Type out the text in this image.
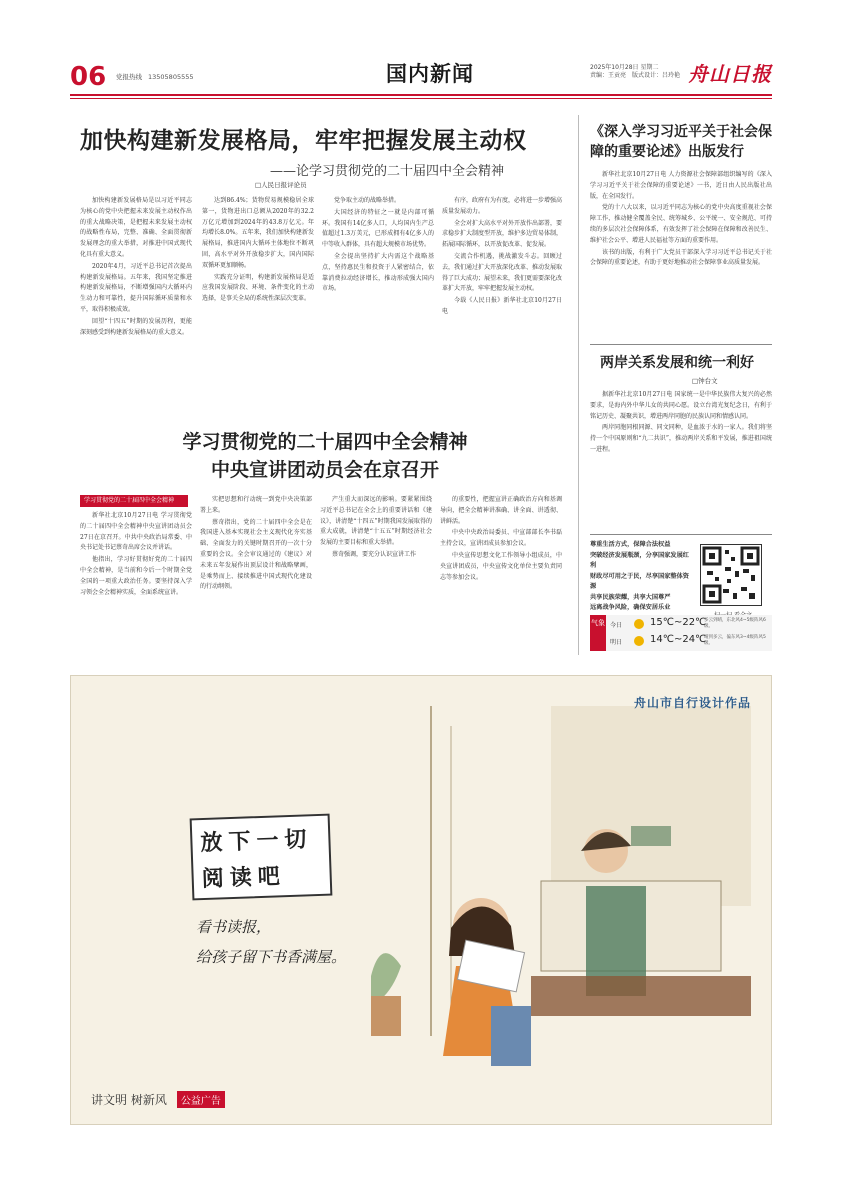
06 党报热线 13505805555	国内新闻	2025年10月28日 星期二
责编：王贡亮 版式设计：吕玲艳 舟山日报
加快构建新发展格局，牢牢把握发展主动权
——论学习贯彻党的二十届四中全会精神
□人民日报评论员

加快构建新发展格局是以习近平同志为核心的党中央把握未来发展主动权作出的重大战略决策，是把握未来发展主动权的战略性布局，完整、准确、全面贯彻新发展理念的重大举措，对推进中国式现代化具有重大意义。

2020年4月，习近平总书记首次提出构建新发展格局。五年来，我国坚定推进构建新发展格局，不断增强国内大循环内生动力和可靠性，提升国际循环质量和水平，取得积极成效。

回望“十四五”时期的发展历程，更能深刻感受到构建新发展格局的重大意义。

达到86.4%；货物贸易规模稳居全球第一，货物进出口总额从2020年的32.2万亿元增加到2024年的43.8万亿元。年均增长8.0%。五年来，我们加快构建新发展格局，推进国内大循环主体地位不断巩固，高水平对外开放稳步扩大，国内国际双循环更加顺畅。

实践充分证明，构建新发展格局是适应我国发展阶段、环境、条件变化的主动选择，是事关全局的系统性深层次变革。

党争取主动的战略举措。

大国经济的特征之一就是内部可循环。我国有14亿多人口，人均国内生产总值超过1.3万美元，已形成拥有4亿多人的中等收入群体，具有超大规模市场优势。

全会提出坚持扩大内需这个战略基点，坚持惠民生和投资于人紧密结合，依靠消费拉动经济增长，推动形成强大国内市场。

有序，政府有为有度，必将进一步增强高质量发展动力。

全会对扩大高水平对外开放作出部署，要求稳步扩大制度型开放，维护多边贸易体制，拓展国际循环，以开放促改革、促发展。

交流合作机遇，挑战激发斗志。回顾过去，我们通过扩大开放深化改革、推动发展取得了巨大成功；展望未来，我们更需要深化改革扩大开放，牢牢把握发展主动权。

今载《人民日报》新华社北京10月27日电

《深入学习习近平关于社会保障的重要论述》出版发行

新华社北京10月27日电 人力资源社会保障部组织编写的《深入学习习近平关于社会保障的重要论述》一书，近日由人民出版社出版，在全国发行。

党的十八大以来，以习近平同志为核心的党中央高度重视社会保障工作，推动健全覆盖全民、统筹城乡、公平统一、安全规范、可持续的多层次社会保障体系，有效发挥了社会保障在保障和改善民生、维护社会公平、增进人民福祉等方面的重要作用。

该书的出版，有利于广大党员干部深入学习习近平总书记关于社会保障的重要论述，有助于更好地推动社会保障事业高质量发展。

两岸关系发展和统一利好
□钟台文

据新华社北京10月27日电 国家统一是中华民族伟大复兴的必然要求，是海内外中华儿女的共同心愿。设立台湾光复纪念日，有利于铭记历史、凝聚共识，增进两岸同胞的民族认同和情感认同。

两岸同胞同根同源、同文同种，是血浓于水的一家人。我们将坚持一个中国原则和“九二共识”，推动两岸关系和平发展，推进祖国统一进程。

学习贯彻党的二十届四中全会精神
中央宣讲团动员会在京召开
学习贯彻党的二十届四中全会精神

新华社北京10月27日电 学习贯彻党的二十届四中全会精神中央宣讲团动员会27日在京召开。中共中央政治局常委、中央书记处书记蔡奇出席会议并讲话。

他指出，学习好贯彻好党的二十届四中全会精神，是当前和今后一个时期全党全国的一项重大政治任务。要坚持深入学习领会全会精神实质，全面系统宣讲。

实把思想和行动统一到党中央决策部署上来。

蔡奇指出，党的二十届四中全会是在我国进入基本实现社会主义现代化夯实基础、全面发力的关键时期召开的一次十分重要的会议。全会审议通过的《建议》对未来五年发展作出顶层设计和战略擘画，是乘势而上、接续推进中国式现代化建设的行动纲领。

产生重大而深远的影响。要紧紧围绕习近平总书记在全会上的重要讲话和《建议》，讲清楚“十四五”时期我国发展取得的重大成就，讲清楚“十五五”时期经济社会发展的主要目标和重大举措。

蔡奇强调，要充分认识宣讲工作

的重要性，把握宣讲正确政治方向和基调导向，把全会精神讲准确、讲全面、讲透彻、讲鲜活。

中央中央政治局委员、中宣部部长李书磊主持会议，宣讲团成员参加会议。

中央宣传思想文化工作领导小组成员，中央宣讲团成员，中央宣传文化单位主要负责同志等参加会议。

尊重生活方式，保障合法权益
突破经济发展瓶颈，分享国家发展红利
财政尽可用之于民，尽享国家整体资源
共享民族荣耀，共享大国尊严
远离战争风险，确保安居乐业
气象 今日	15℃~22℃
多云到晴，东北风4~5级阵风6级。
明日	14℃~24℃
晴到多云，偏东风3~4级阵风5级。
舟山市自行设计作品
放下一切
阅读吧
看书读报，
给孩子留下书香满屋。
讲文明 树新风	公益广告
